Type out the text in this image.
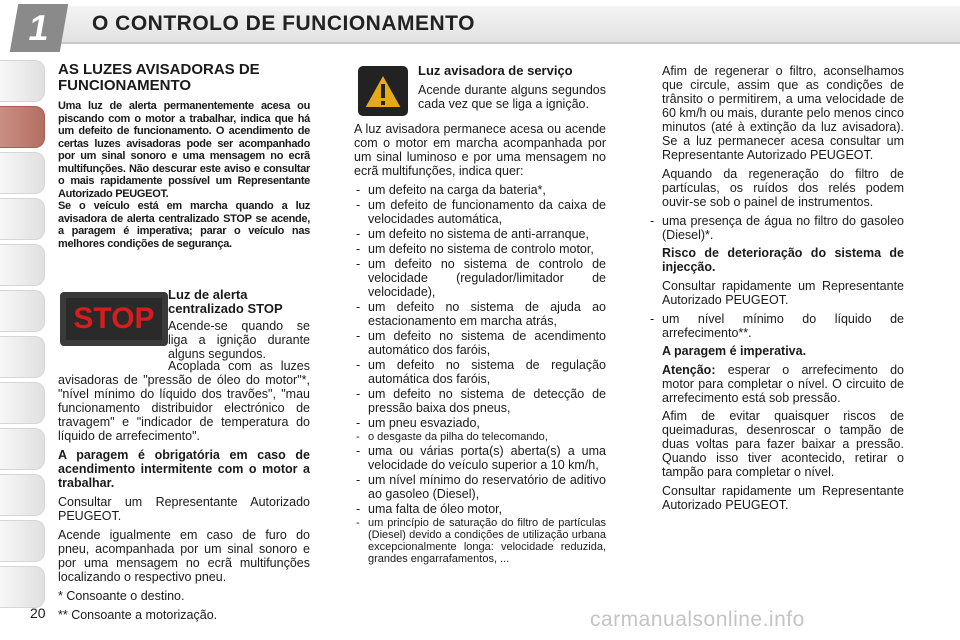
1	O CONTROLO DE FUNCIONAMENTO
AS LUZES AVISADORAS DE FUNCIONAMENTO

Uma luz de alerta permanentemente acesa ou piscando com o motor a trabalhar, indica que há um defeito de funcionamento. O acendimento de certas luzes avisadoras pode ser acompanhado por um sinal sonoro e uma mensagem no ecrã multifunções. Não descurar este aviso e consultar o mais rapidamente possível um Representante Autorizado PEUGEOT.

Se o veículo está em marcha quando a luz avisadora de alerta centralizado STOP se acende, a paragem é imperativa; parar o veículo nas melhores condições de segurança.

STOP

Luz de alerta centralizado STOP

Acende-se quando se liga a ignição durante alguns segundos.

Acoplada com as luzes avisadoras de "pressão de óleo do motor"*, "nível mínimo do líquido dos travões", "mau funcionamento distribuidor electrónico de travagem" e "indicador de temperatura do líquido de arrefecimento".

A paragem é obrigatória em caso de acendimento intermitente com o motor a trabalhar.

Consultar um Representante Autorizado PEUGEOT.

Acende igualmente em caso de furo do pneu, acompanhada por um sinal sonoro e por uma mensagem no ecrã multifunções localizando o respectivo pneu.

* Consoante o destino.

** Consoante a motorização.

Luz avisadora de serviço

Acende durante alguns segundos cada vez que se liga a ignição.

A luz avisadora permanece acesa ou acende com o motor em marcha acompanhada por um sinal luminoso e por uma mensagem no ecrã multifunções, indica quer:

- um defeito na carga da bateria*,
- um defeito de funcionamento da caixa de velocidades automática,
- um defeito no sistema de anti-arranque,
- um defeito no sistema de controlo motor,
- um defeito no sistema de controlo de velocidade (regulador/limitador de velocidade),
- um defeito no sistema de ajuda ao estacionamento em marcha atrás,
- um defeito no sistema de acendimento automático dos faróis,
- um defeito no sistema de regulação automática dos faróis,
- um defeito no sistema de detecção de pressão baixa dos pneus,
- um pneu esvaziado,
- o desgaste da pilha do telecomando,
- uma ou várias porta(s) aberta(s) a uma velocidade do veículo superior a 10 km/h,
- um nível mínimo do reservatório de aditivo ao gasoleo (Diesel),
- uma falta de óleo motor,
- um princípio de saturação do filtro de partículas (Diesel) devido a condições de utilização urbana excepcionalmente longa: velocidade reduzida, grandes engarrafamentos, ...

Afim de regenerar o filtro, aconselhamos que circule, assim que as condições de trânsito o permitirem, a uma velocidade de 60 km/h ou mais, durante pelo menos cinco minutos (até à extinção da luz avisadora). Se a luz permanecer acesa consultar um Representante Autorizado PEUGEOT.

Aquando da regeneração do filtro de partículas, os ruídos dos relés podem ouvir-se sob o painel de instrumentos.

- uma presença de água no filtro do gasoleo (Diesel)*.

Risco de deterioração do sistema de injecção.

Consultar rapidamente um Representante Autorizado PEUGEOT.

- um nível mínimo do líquido de arrefecimento**.

A paragem é imperativa.

Atenção: esperar o arrefecimento do motor para completar o nível. O circuito de arrefecimento está sob pressão.

Afim de evitar quaisquer riscos de queimaduras, desenroscar o tampão de duas voltas para fazer baixar a pressão. Quando isso tiver acontecido, retirar o tampão para completar o nível.

Consultar rapidamente um Representante Autorizado PEUGEOT.

20	carmanualsonline.info
